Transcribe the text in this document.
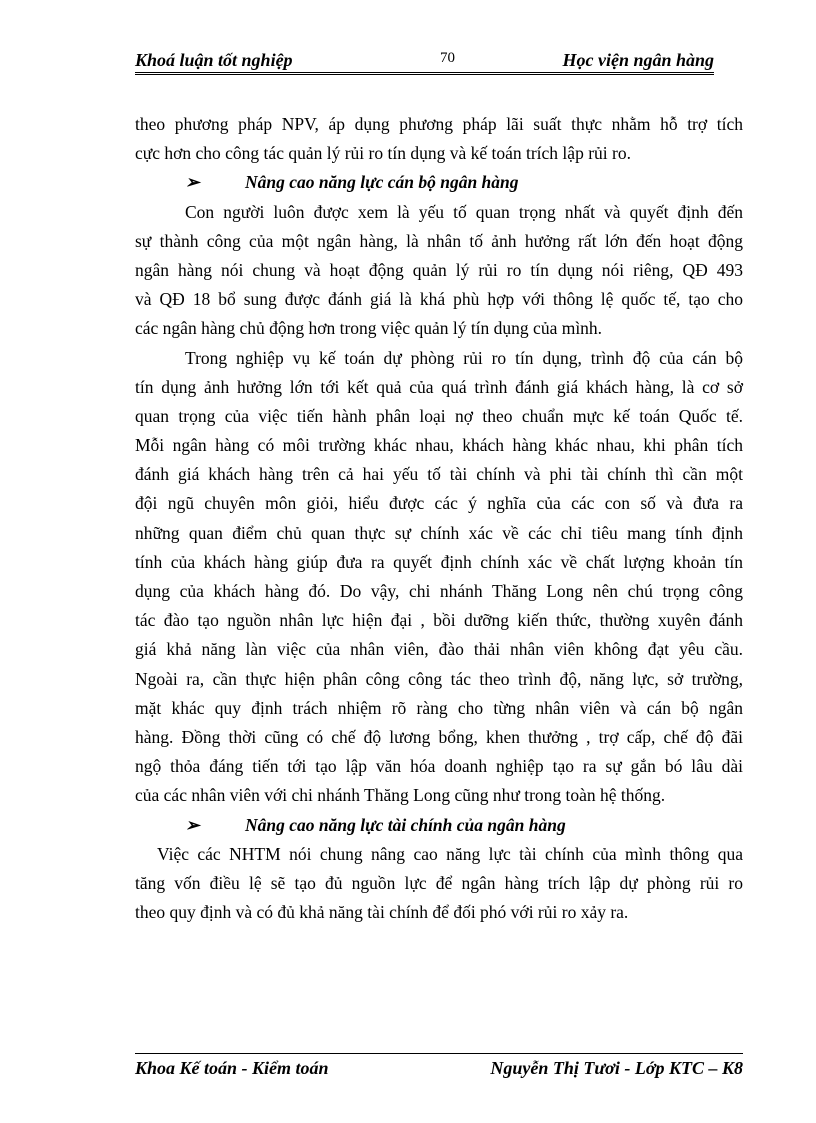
Khoá luận tốt nghiệp	70	Học viện ngân hàng
theo phương pháp NPV, áp dụng phương pháp lãi suất thực nhằm hỗ trợ tích
cực hơn cho công tác quản lý rủi ro tín dụng và kế toán trích lập rủi ro.
➢	Nâng cao năng lực cán bộ ngân hàng
Con người luôn được xem là yếu tố quan trọng nhất và quyết định đến
sự thành công của một ngân hàng, là nhân tố ảnh hưởng rất lớn đến hoạt động
ngân hàng nói chung và hoạt động quản lý rủi ro tín dụng nói riêng, QĐ 493
và QĐ 18 bổ sung được đánh giá là khá phù hợp với thông lệ quốc tế, tạo cho
các ngân hàng chủ động hơn trong việc quản lý tín dụng của mình.
Trong nghiệp vụ kế toán dự phòng rủi ro tín dụng, trình độ của cán bộ
tín dụng ảnh hưởng lớn tới kết quả của quá trình đánh giá khách hàng, là cơ sở
quan trọng của việc tiến hành phân loại nợ theo chuẩn mực kế toán Quốc tế.
Mỗi ngân hàng có môi trường khác nhau, khách hàng khác nhau, khi phân tích
đánh giá khách hàng trên cả hai yếu tố tài chính và phi tài chính thì cần một
đội ngũ chuyên môn giỏi, hiểu được các ý nghĩa của các con số và đưa ra
những quan điểm chủ quan thực sự chính xác về các chỉ tiêu mang tính định
tính của khách hàng giúp đưa ra quyết định chính xác về chất lượng khoản tín
dụng của khách hàng đó. Do vậy, chi nhánh Thăng Long nên chú trọng công
tác đào tạo nguồn nhân lực hiện đại , bồi dưỡng kiến thức, thường xuyên đánh
giá khả năng làn việc của nhân viên, đào thải nhân viên không đạt yêu cầu.
Ngoài ra, cần thực hiện phân công công tác theo trình độ, năng lực, sở trường,
mặt khác quy định trách nhiệm rõ ràng cho từng nhân viên và cán bộ ngân
hàng. Đồng thời cũng có chế độ lương bổng, khen thưởng , trợ cấp, chế độ đãi
ngộ thỏa đáng tiến tới tạo lập văn hóa doanh nghiệp tạo ra sự gắn bó lâu dài
của các nhân viên với chi nhánh Thăng Long cũng như trong toàn hệ thống.
➢	Nâng cao năng lực tài chính của ngân hàng
Việc các NHTM nói chung nâng cao năng lực tài chính của mình thông qua
tăng vốn điều lệ sẽ tạo đủ nguồn lực để ngân hàng trích lập dự phòng rủi ro
theo quy định và có đủ khả năng tài chính để đối phó với rủi ro xảy ra.
Khoa Kế toán - Kiểm toán	Nguyễn Thị Tươi - Lớp KTC – K8
